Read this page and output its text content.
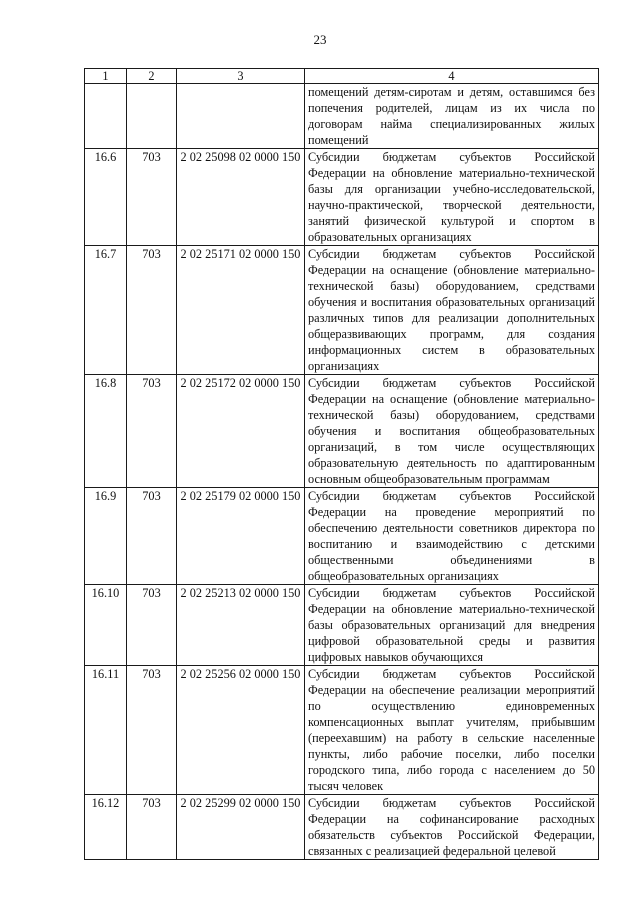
23
1	2	3	4
			помещений детям-сиротам и детям, оставшимся без попечения родителей, лицам из их числа по договорам найма специализированных жилых помещений
16.6	703	2 02 25098 02 0000 150	Субсидии бюджетам субъектов Российской Федерации на обновление материально-технической базы для организации учебно-исследовательской, научно-практической, творческой деятельности, занятий физической культурой и спортом в образовательных организациях
16.7	703	2 02 25171 02 0000 150	Субсидии бюджетам субъектов Российской Федерации на оснащение (обновление материально-технической базы) оборудованием, средствами обучения и воспитания образовательных организаций различных типов для реализации дополнительных общеразвивающих программ, для создания информационных систем в образовательных организациях
16.8	703	2 02 25172 02 0000 150	Субсидии бюджетам субъектов Российской Федерации на оснащение (обновление материально-технической базы) оборудованием, средствами обучения и воспитания общеобразовательных организаций, в том числе осуществляющих образовательную деятельность по адаптированным основным общеобразовательным программам
16.9	703	2 02 25179 02 0000 150	Субсидии бюджетам субъектов Российской Федерации на проведение мероприятий по обеспечению деятельности советников директора по воспитанию и взаимодействию с детскими общественными объединениями в общеобразовательных организациях
16.10	703	2 02 25213 02 0000 150	Субсидии бюджетам субъектов Российской Федерации на обновление материально-технической базы образовательных организаций для внедрения цифровой образовательной среды и развития цифровых навыков обучающихся
16.11	703	2 02 25256 02 0000 150	Субсидии бюджетам субъектов Российской Федерации на обеспечение реализации мероприятий по осуществлению единовременных компенсационных выплат учителям, прибывшим (переехавшим) на работу в сельские населенные пункты, либо рабочие поселки, либо поселки городского типа, либо города с населением до 50 тысяч человек
16.12	703	2 02 25299 02 0000 150	Субсидии бюджетам субъектов Российской Федерации на софинансирование расходных обязательств субъектов Российской Федерации, связанных с реализацией федеральной целевой
